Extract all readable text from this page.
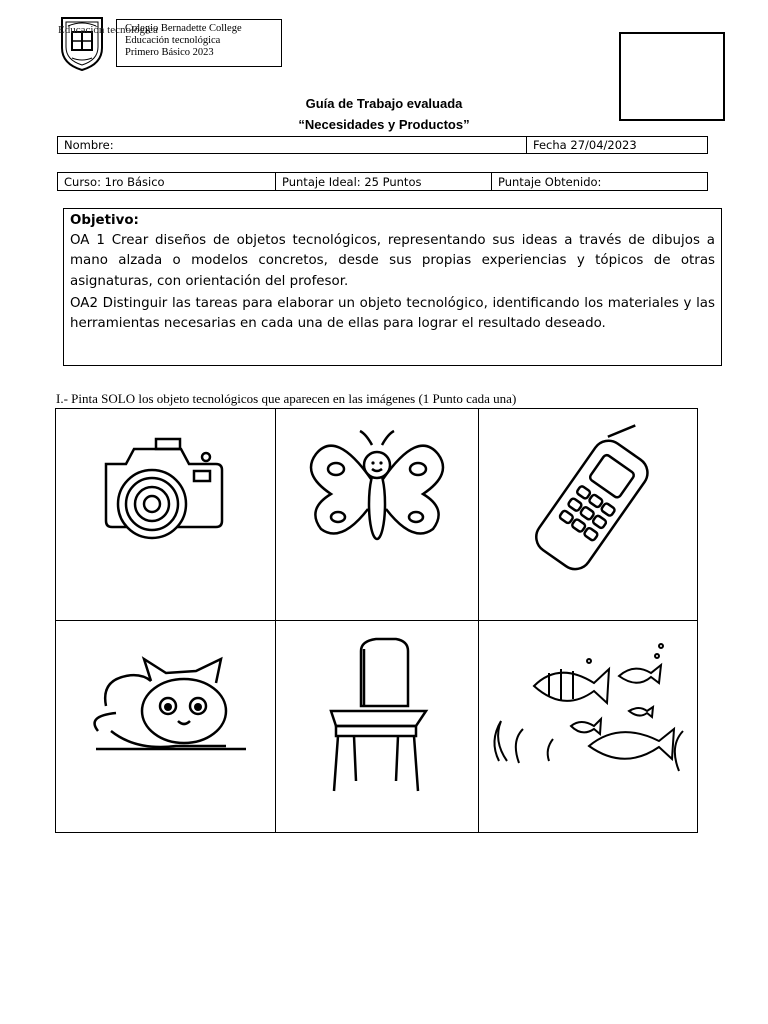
Educación tecnológica
Colegio Bernadette College
Educación tecnológica
Primero Básico 2023
Guía de Trabajo evaluada
“Necesidades y Productos”
Nombre:	Fecha 27/04/2023
Curso: 1ro Básico	Puntaje Ideal: 25 Puntos	Puntaje Obtenido:
Objetivo:

OA 1 Crear diseños de objetos tecnológicos, representando sus ideas a través de dibujos a mano alzada o modelos concretos, desde sus propias experiencias y tópicos de otras asignaturas, con orientación del profesor.

OA2 Distinguir las tareas para elaborar un objeto tecnológico, identificando los materiales y las herramientas necesarias en cada una de ellas para lograr el resultado deseado.

I.- Pinta SOLO los objeto tecnológicos que aparecen en las imágenes (1 Punto cada una)
